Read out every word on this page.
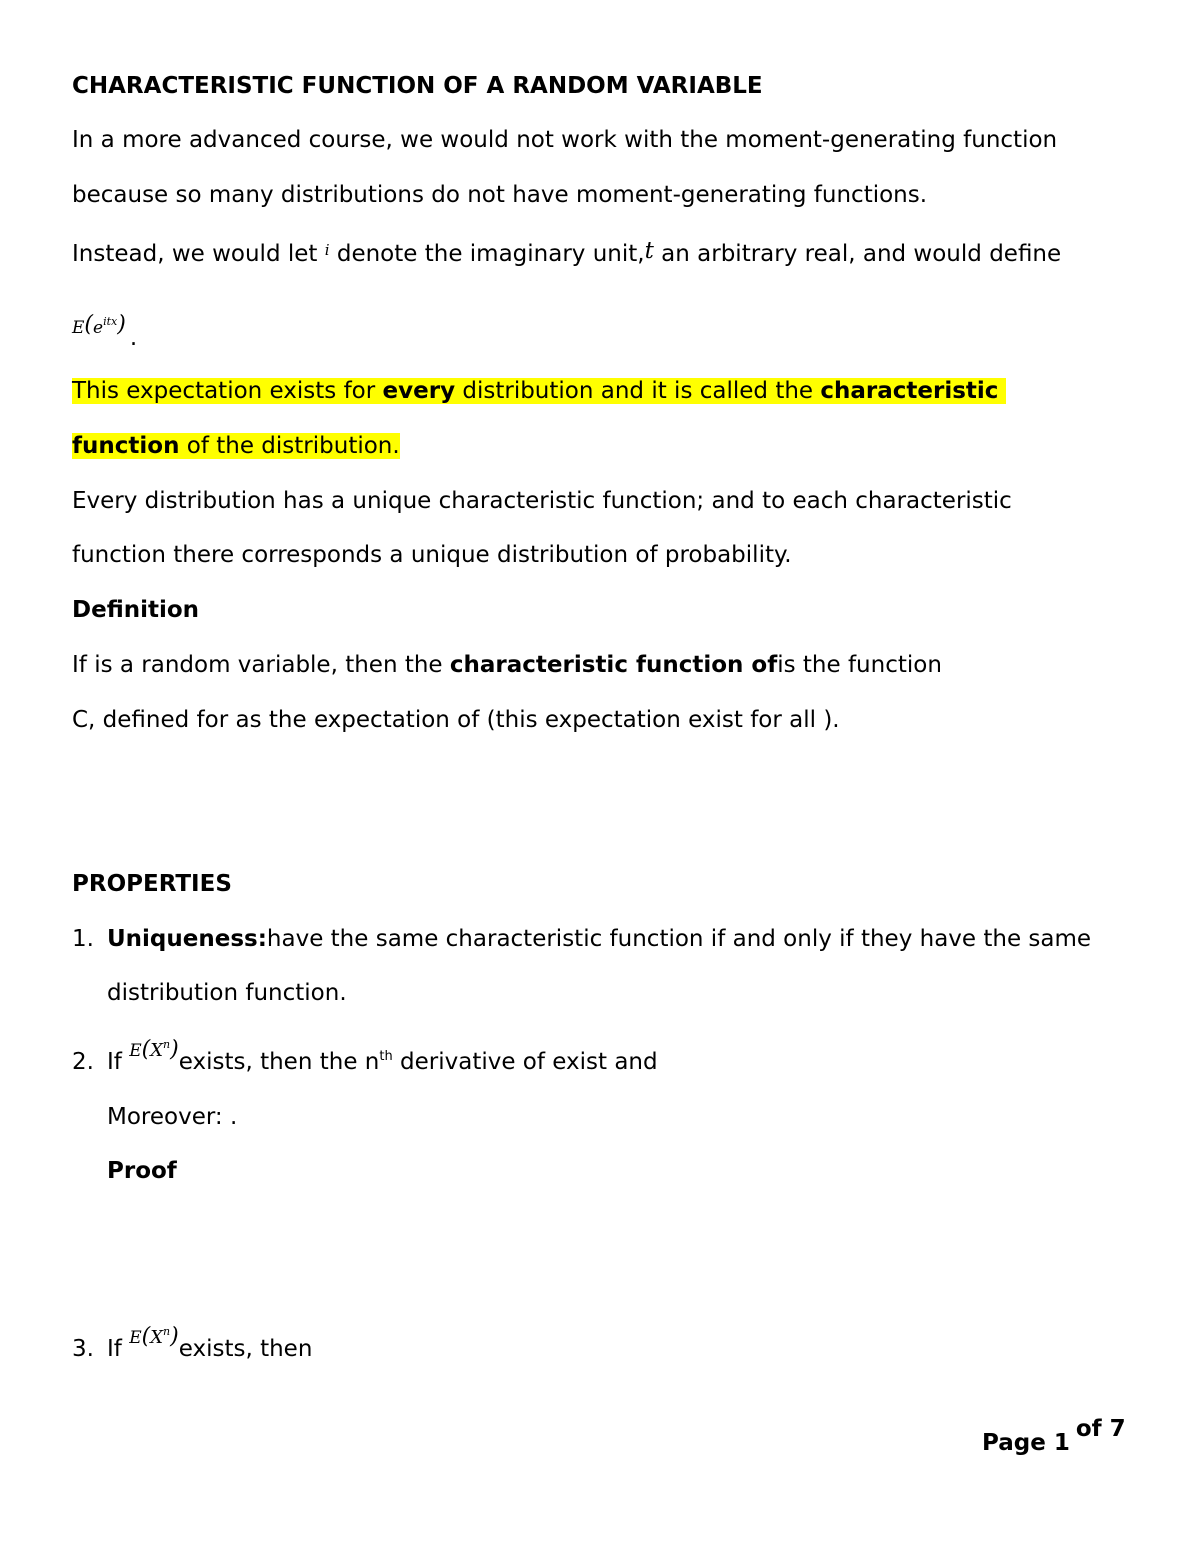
CHARACTERISTIC FUNCTION OF A RANDOM VARIABLE
In a more advanced course, we would not work with the moment-generating function
because so many distributions do not have moment-generating functions.
Instead, we would let $^i$ denote the imaginary unit,t an arbitrary real, and would define
$E(e^{itx})$.
This expectation exists for every distribution and it is called the characteristic
function of the distribution.
Every distribution has a unique characteristic function; and to each characteristic
function there corresponds a unique distribution of probability.
Definition
If is a random variable, then the characteristic function ofis the function
C, defined for as the expectation of (this expectation exist for all ).
PROPERTIES
1. Uniqueness:have the same characteristic function if and only if they have the same
distribution function.
2. If $E(X^n)exists$, then the $n^{th}$ derivative of exist and
Moreover: .
Proof
3. If $E(X^n)exists$, then
Page 1of 7
